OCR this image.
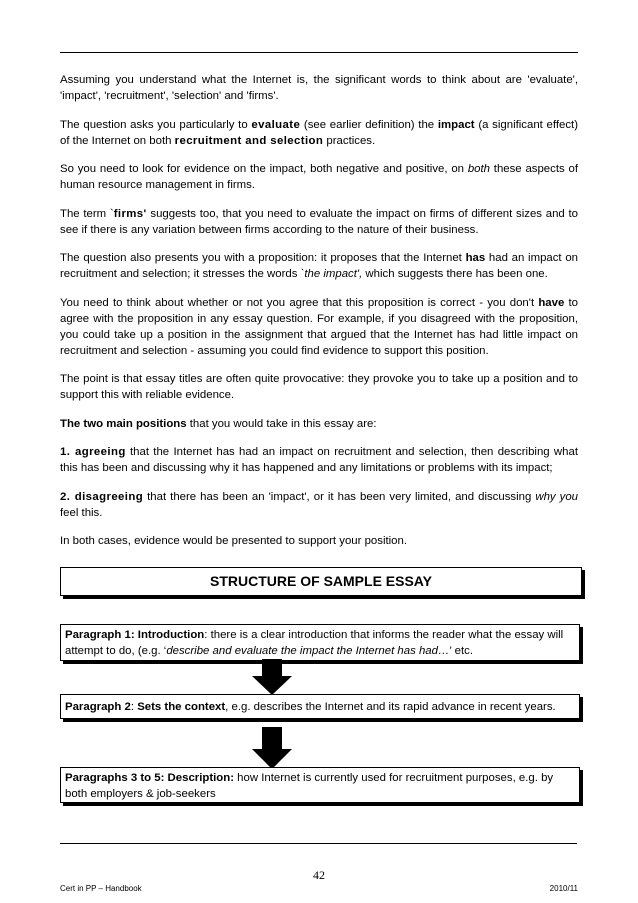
Assuming you understand what the Internet is, the significant words to think about are 'evaluate', 'impact', 'recruitment', 'selection' and 'firms'.

The question asks you particularly to evaluate (see earlier definition) the impact (a significant effect) of the Internet on both recruitment and selection practices.

So you need to look for evidence on the impact, both negative and positive, on both these aspects of human resource management in firms.

The term `firms' suggests too, that you need to evaluate the impact on firms of different sizes and to see if there is any variation between firms according to the nature of their business.

The question also presents you with a proposition: it proposes that the Internet has had an impact on recruitment and selection; it stresses the words `the impact', which suggests there has been one.

You need to think about whether or not you agree that this proposition is correct - you don't have to agree with the proposition in any essay question. For example, if you disagreed with the proposition, you could take up a position in the assignment that argued that the Internet has had little impact on recruitment and selection - assuming you could find evidence to support this position.

The point is that essay titles are often quite provocative: they provoke you to take up a position and to support this with reliable evidence.

The two main positions that you would take in this essay are:

1. agreeing that the Internet has had an impact on recruitment and selection, then describing what this has been and discussing why it has happened and any limitations or problems with its impact;

2. disagreeing that there has been an 'impact', or it has been very limited, and discussing why you feel this.

In both cases, evidence would be presented to support your position.

STRUCTURE OF SAMPLE ESSAY
Paragraph 1: Introduction: there is a clear introduction that informs the reader what the essay will attempt to do, (e.g. ‘describe and evaluate the impact the Internet has had…’ etc.
Paragraph 2: Sets the context, e.g. describes the Internet and its rapid advance in recent years.
Paragraphs 3 to 5: Description: how Internet is currently used for recruitment purposes, e.g. by both employers & job-seekers
42
Cert in PP – Handbook	2010/11
